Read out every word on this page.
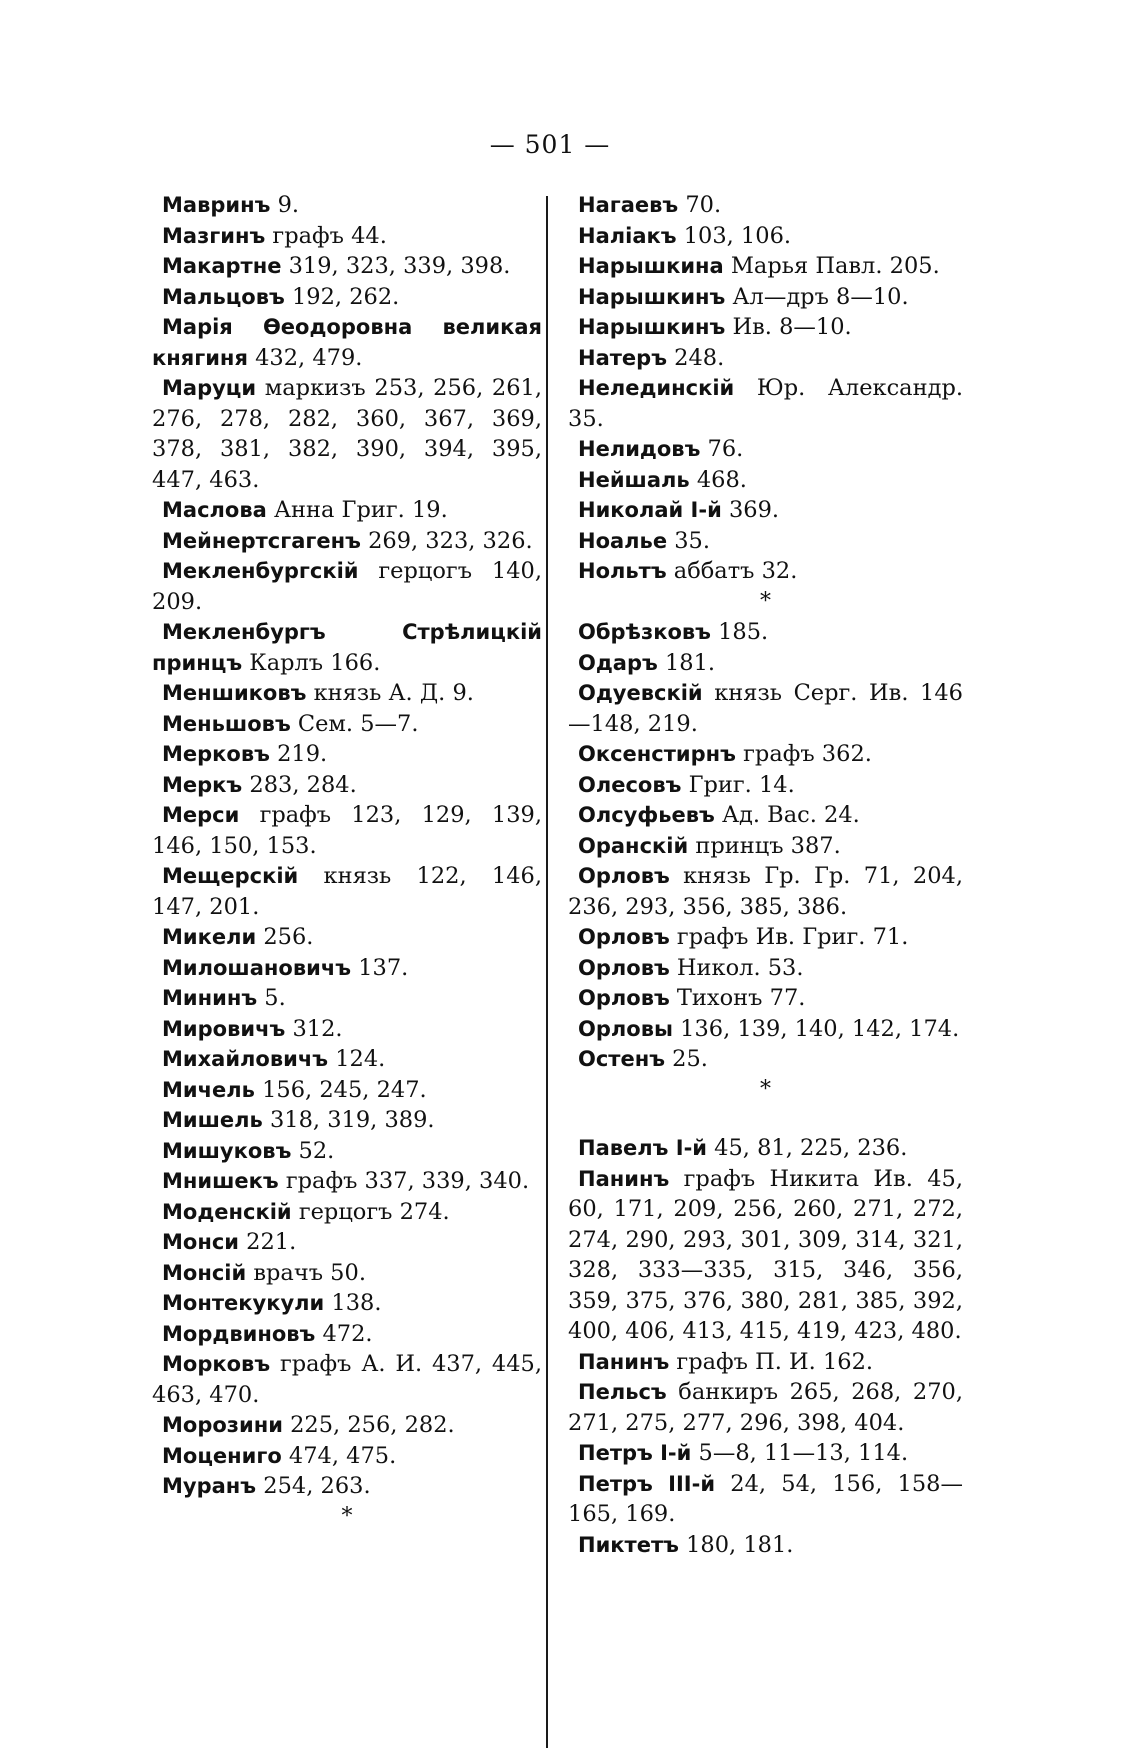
— 501 —

Мавринъ 9.

Мазгинъ графъ 44.

Макартне 319, 323, 339, 398.

Мальцовъ 192, 262.

Марія Өеодоровна великая княгиня 432, 479.

Маруци маркизъ 253, 256, 261, 276, 278, 282, 360, 367, 369, 378, 381, 382, 390, 394, 395, 447, 463.

Маслова Анна Григ. 19.

Мейнертсгагенъ 269, 323, 326.

Мекленбургскій герцогъ 140, 209.

Мекленбургъ Стрѣлицкій принцъ Карлъ 166.

Меншиковъ князь А. Д. 9.

Меньшовъ Сем. 5—7.

Мерковъ 219.

Меркъ 283, 284.

Мерси графъ 123, 129, 139, 146, 150, 153.

Мещерскій князь 122, 146, 147, 201.

Микели 256.

Милошановичъ 137.

Мининъ 5.

Мировичъ 312.

Михайловичъ 124.

Мичель 156, 245, 247.

Мишель 318, 319, 389.

Мишуковъ 52.

Мнишекъ графъ 337, 339, 340.

Моденскій герцогъ 274.

Монси 221.

Монсій врачъ 50.

Монтекукули 138.

Мордвиновъ 472.

Морковъ графъ А. И. 437, 445, 463, 470.

Морозини 225, 256, 282.

Моцениго 474, 475.

Муранъ 254, 263.

*

Нагаевъ 70.

Наліакъ 103, 106.

Нарышкина Марья Павл. 205.

Нарышкинъ Ал—дръ 8—10.

Нарышкинъ Ив. 8—10.

Натеръ 248.

Нелединскій Юр. Александр. 35.

Нелидовъ 76.

Нейшаль 468.

Николай І-й 369.

Ноалье 35.

Нольтъ аббатъ 32.

*

Обрѣзковъ 185.

Одаръ 181.

Одуевскій князь Серг. Ив. 146—148, 219.

Оксенстирнъ графъ 362.

Олесовъ Григ. 14.

Олсуфьевъ Ад. Вас. 24.

Оранскій принцъ 387.

Орловъ князь Гр. Гр. 71, 204, 236, 293, 356, 385, 386.

Орловъ графъ Ив. Григ. 71.

Орловъ Никол. 53.

Орловъ Тихонъ 77.

Орловы 136, 139, 140, 142, 174.

Остенъ 25.

*

Павелъ І-й 45, 81, 225, 236.

Панинъ графъ Никита Ив. 45, 60, 171, 209, 256, 260, 271, 272, 274, 290, 293, 301, 309, 314, 321, 328, 333—335, 315, 346, 356, 359, 375, 376, 380, 281, 385, 392, 400, 406, 413, 415, 419, 423, 480.

Панинъ графъ П. И. 162.

Пельсъ банкиръ 265, 268, 270, 271, 275, 277, 296, 398, 404.

Петръ І-й 5—8, 11—13, 114.

Петръ ІІІ-й 24, 54, 156, 158—165, 169.

Пиктетъ 180, 181.
